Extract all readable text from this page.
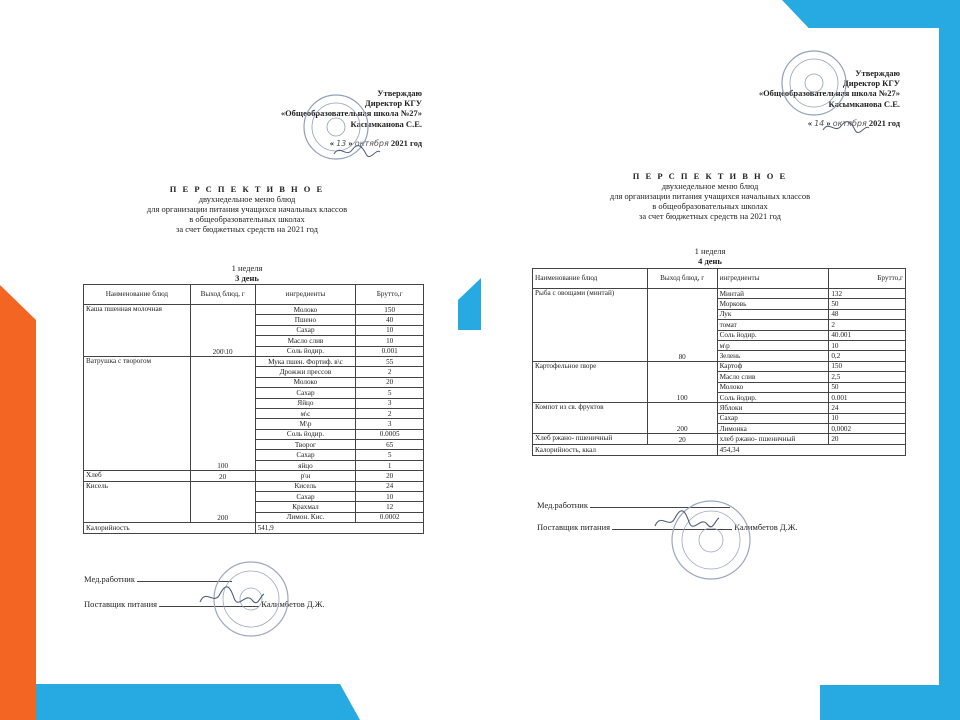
Утверждаю
Директор КГУ
«Общеобразовательная школа №27»
Касымканова С.Е.
« 13 » октября 2021 год
П Е Р С П Е К Т И В Н О Е
двухнедельное меню блюд
для организации питания учащихся начальных классов
в общеобразовательных школах
за счет бюджетных средств на 2021 год
1 неделя
3 день
Наименование блюд	Выход блюд, г	ингредиенты	Брутто,г
Каша пшенная молочная	200\10	Молоко	150
		Пшено	40
		Сахар	10
		Масло слив	10
		Соль йодир.	0.001
Ватрушка с творогом	100	Мука пшен. Фортиф. в\с	55
		Дрожжи прессов	2
		Молоко	20
		Сахар	5
		Яйцо	3
		м\с	2
		М\р	3
		Соль йодир.	0.0005
		Творог	65
		Сахар	5
		яйцо	1
Хлеб	20	р\н	20
Кисель	200	Кисель	24
		Сахар	10
		Крахмал	12
		Лимон. Кис.	0.0002
Калорийность		541,9	
Мед.работник
Поставщик питания	Калимбетов Д.Ж.
Утверждаю
Директор КГУ
«Общеобразовательная школа №27»
Касымканова С.Е.
« 14 » октября 2021 год
П Е Р С П Е К Т И В Н О Е
двухнедельное меню блюд
для организации питания учащихся начальных классов
в общеобразовательных школах
за счет бюджетных средств на 2021 год
1 неделя
4 день
Наименование блюд	Выход блюд, г	ингредиенты	Брутто,г
Рыба с овощами (минтай)	80	Минтай	132
		Морковь	50
		Лук	48
		томат	2
		Соль йодир.	40.001
		м\р	10
		Зелень	0,2
Картофельное пюре	100	Картоф	150
		Масло слив	2,5
		Молоко	50
		Соль йодир.	0.001
Компот из св. фруктов	200	Яблоки	24
		Сахар	10
		Лимонка	0,0002
Хлеб ржано- пшеничный	20	хлеб ржано- пшеничный	20
Калорийность, ккал		454,34	
Мед.работник
Поставщик питания	Калимбетов Д.Ж.
